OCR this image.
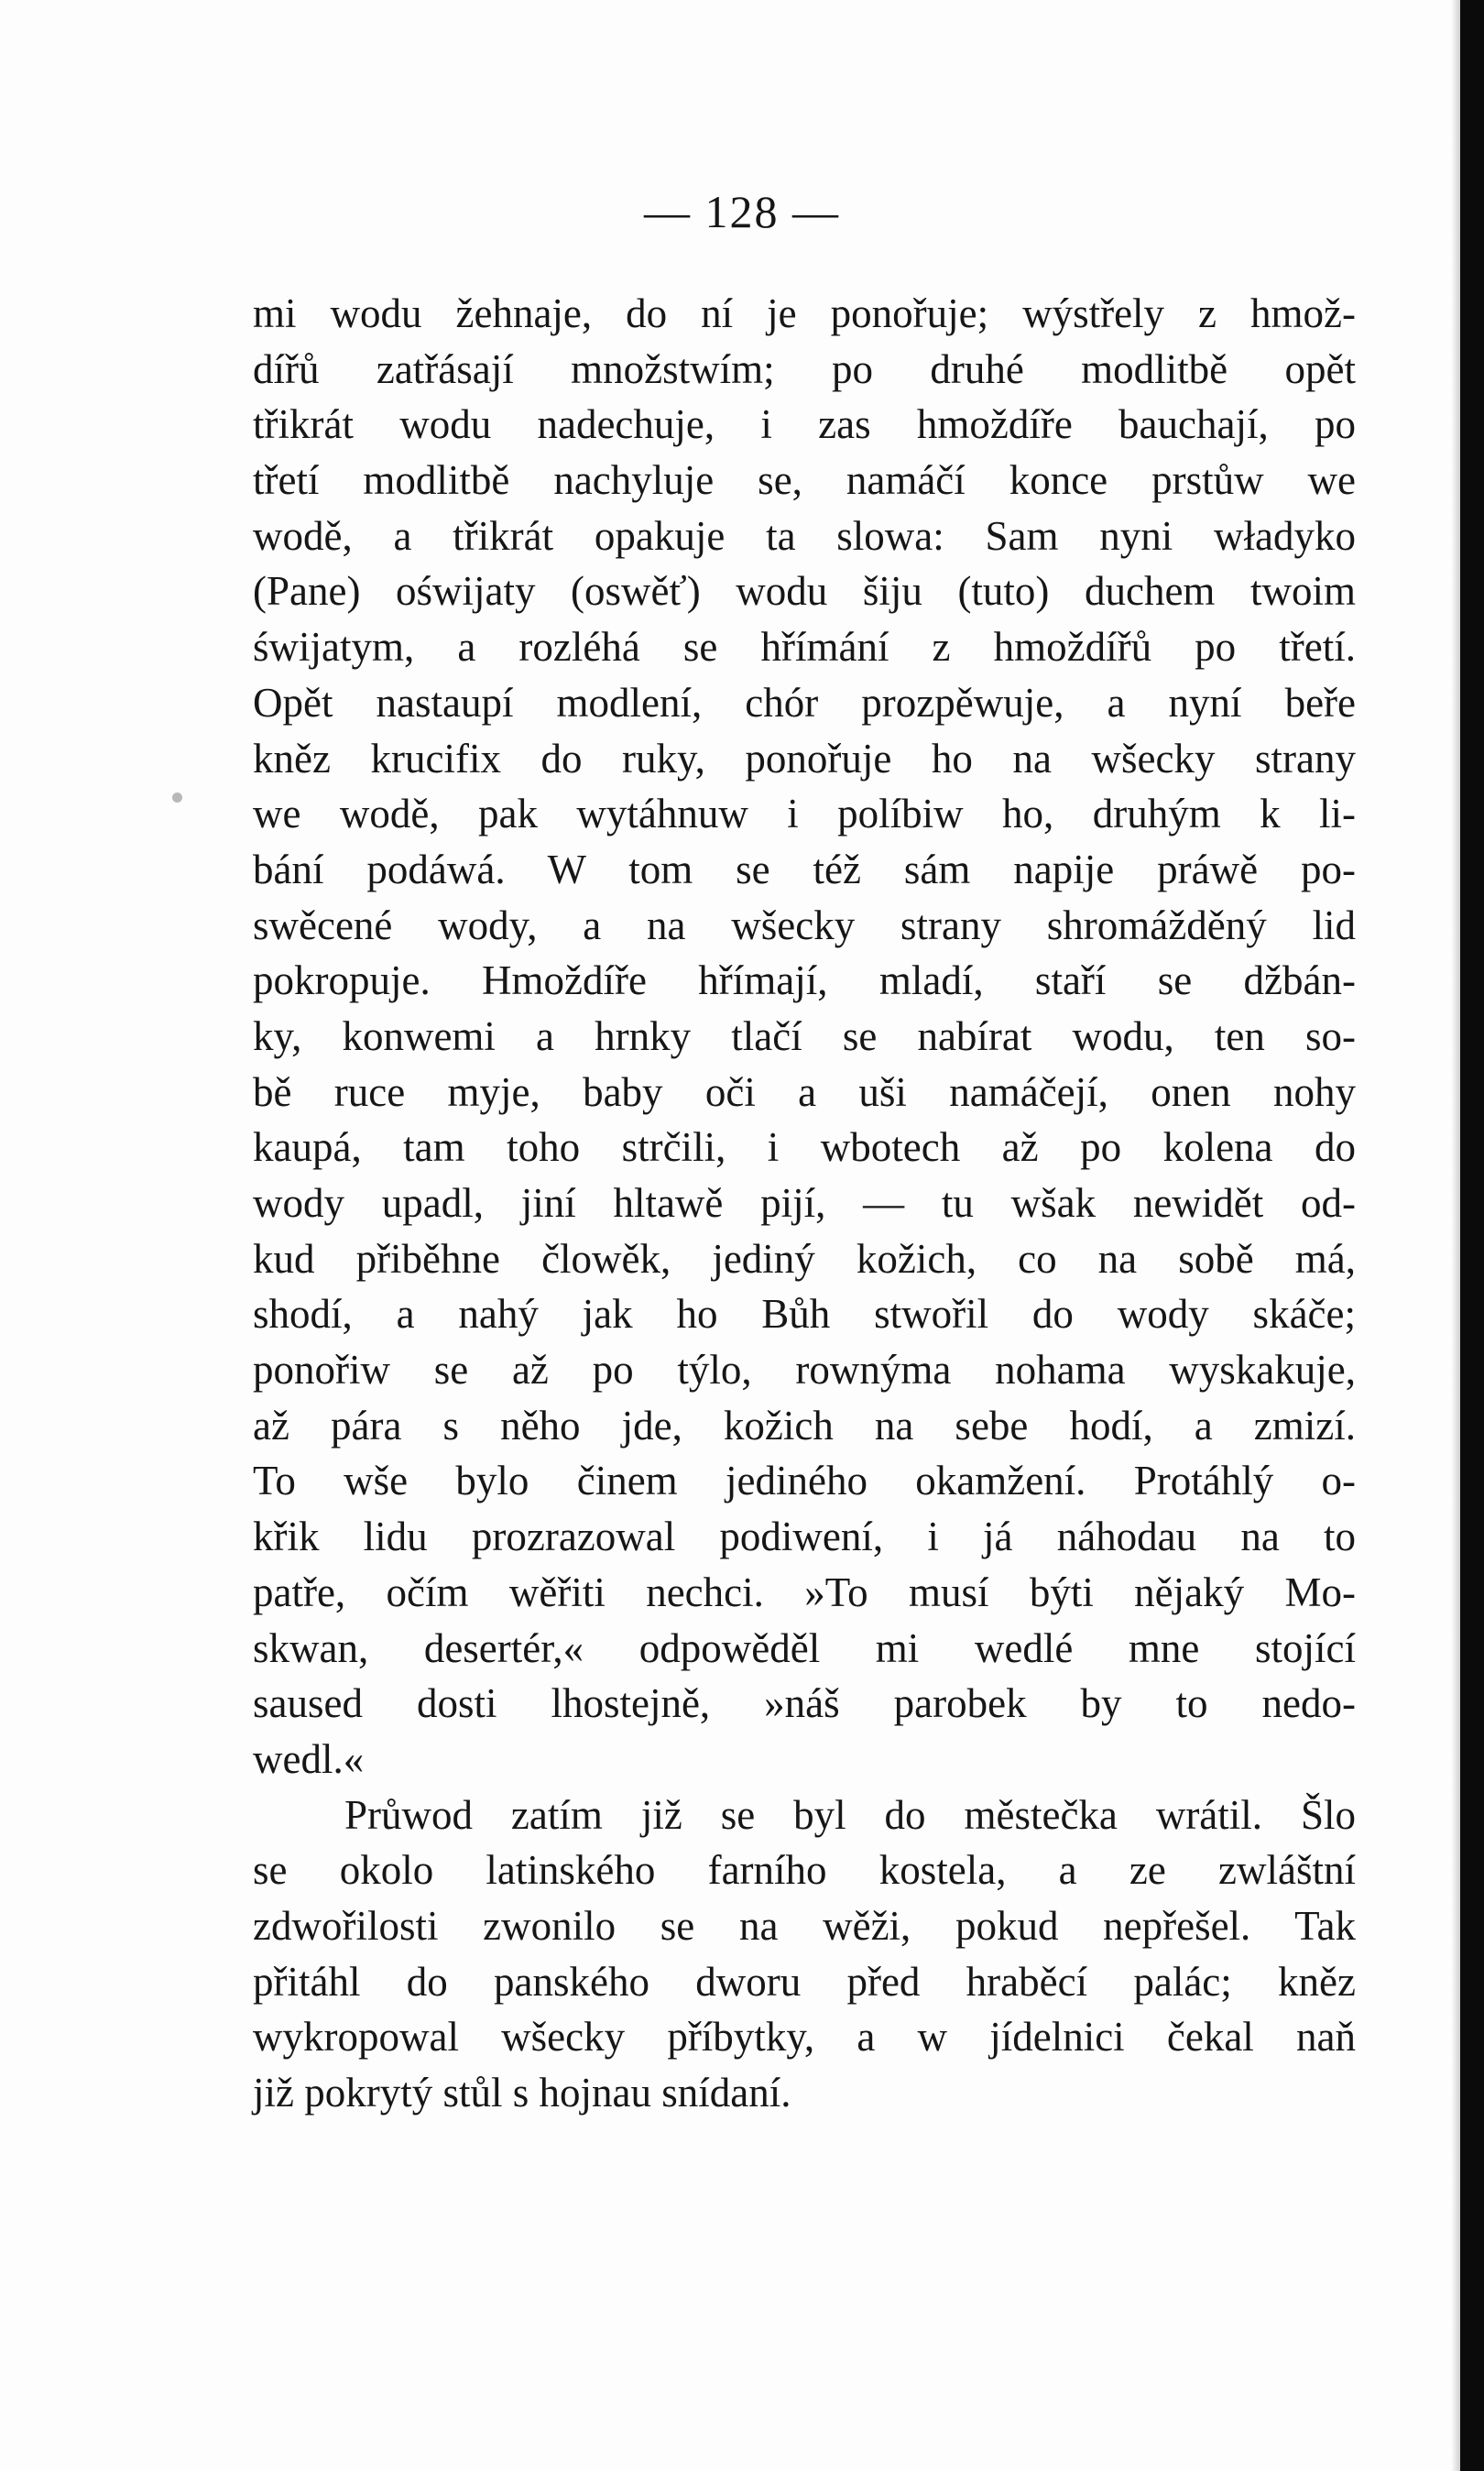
— 128 —
mi wodu žehnaje, do ní je ponořuje; wýstřely z hmož-
dířů zatřásají množstwím; po druhé modlitbě opět
třikrát wodu nadechuje, i zas hmoždíře bauchají, po
třetí modlitbě nachyluje se, namáčí konce prstůw we
wodě, a třikrát opakuje ta slowa: Sam nyni władyko
(Pane) oświjaty (oswěť) wodu šiju (tuto) duchem twoim
świjatym, a rozléhá se hřímání z hmoždířů po třetí.
Opět nastaupí modlení, chór prozpěwuje, a nyní beře
kněz krucifix do ruky, ponořuje ho na wšecky strany
we wodě, pak wytáhnuw i políbiw ho, druhým k li-
bání podáwá. W tom se též sám napije práwě po-
swěcené wody, a na wšecky strany shromážděný lid
pokropuje. Hmoždíře hřímají, mladí, staří se džbán-
ky, konwemi a hrnky tlačí se nabírat wodu, ten so-
bě ruce myje, baby oči a uši namáčejí, onen nohy
kaupá, tam toho strčili, i wbotech až po kolena do
wody upadl, jiní hltawě pijí, — tu wšak newidět od-
kud přiběhne člowěk, jediný kožich, co na sobě má,
shodí, a nahý jak ho Bůh stwořil do wody skáče;
ponořiw se až po týlo, rownýma nohama wyskakuje,
až pára s něho jde, kožich na sebe hodí, a zmizí.
To wše bylo činem jediného okamžení. Protáhlý o-
křik lidu prozrazowal podiwení, i já náhodau na to
patře, očím wěřiti nechci. »To musí býti nějaký Mo-
skwan, desertér,« odpowěděl mi wedlé mne stojící
saused dosti lhostejně, »náš parobek by to nedo-
wedl.«
Průwod zatím již se byl do městečka wrátil. Šlo
se okolo latinského farního kostela, a ze zwláštní
zdwořilosti zwonilo se na wěži, pokud nepřešel. Tak
přitáhl do panského dworu před hraběcí palác; kněz
wykropowal wšecky příbytky, a w jídelnici čekal naň
již pokrytý stůl s hojnau snídaní.
